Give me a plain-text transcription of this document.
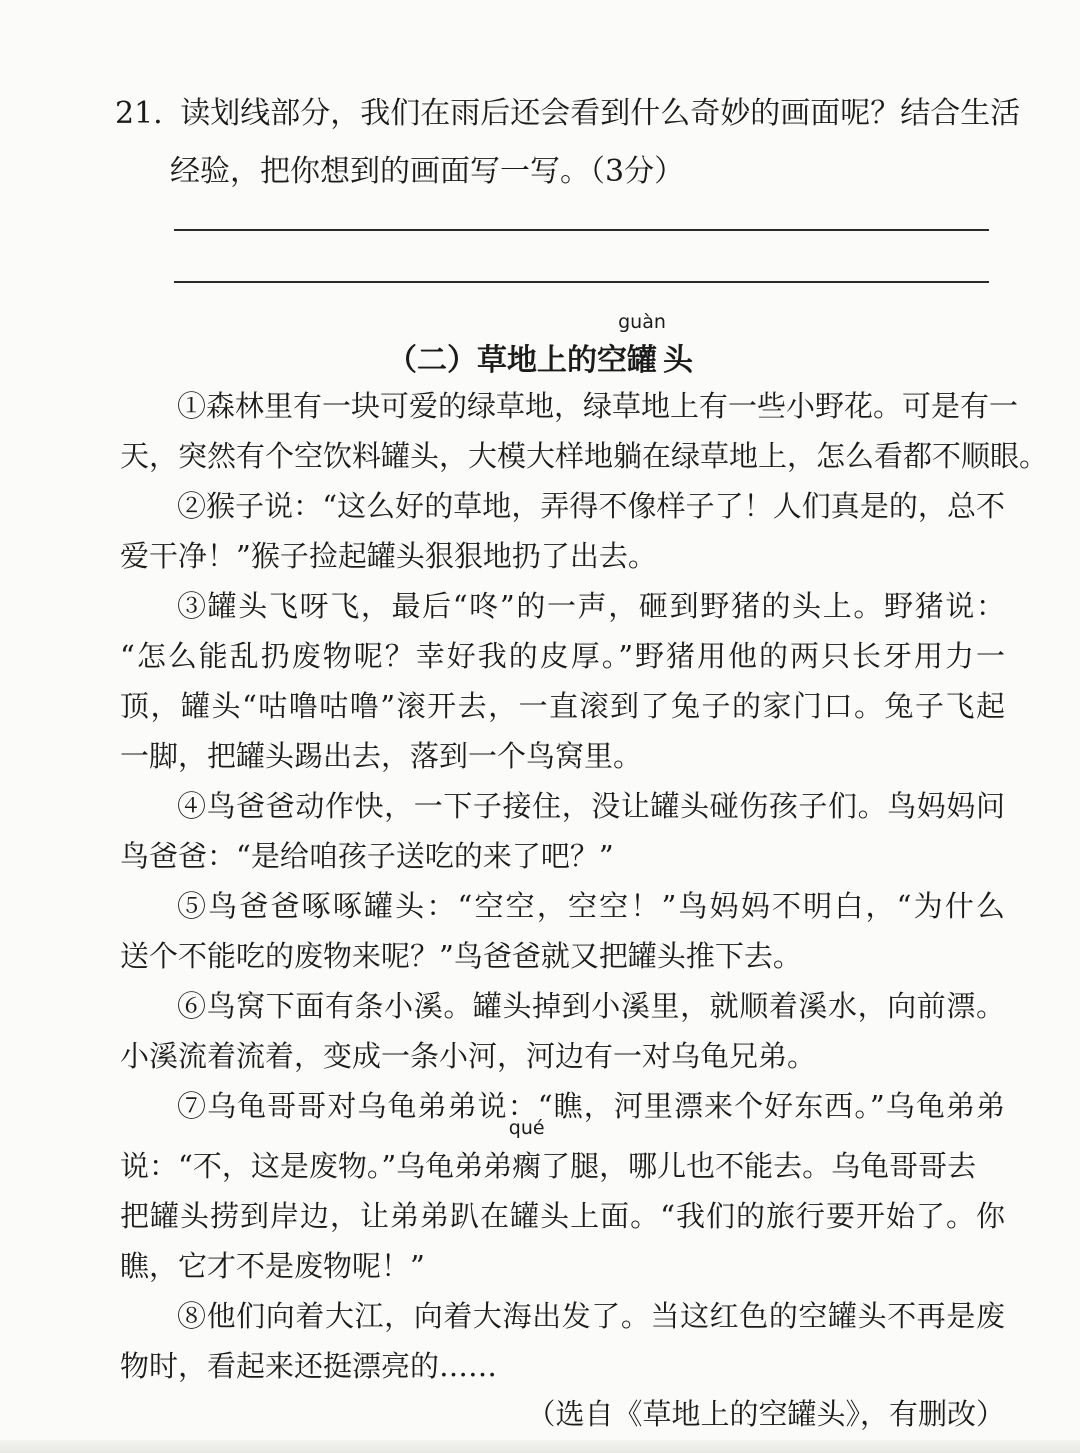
21. 读划线部分，我们在雨后还会看到什么奇妙的画面呢？结合生活
经验，把你想到的画面写一写。（3分）
（二）草地上的空
guàn
罐 头
①森林里有一块可爱的绿草地，绿草地上有一些小野花。可是有一
天，突然有个空饮料罐头，大模大样地躺在绿草地上，怎么看都不顺眼。
②猴子说：“这么好的草地，弄得不像样子了！人们真是的，总不
爱干净！”猴子捡起罐头狠狠地扔了出去。
③罐头飞呀飞，最后“咚”的一声，砸到野猪的头上。野猪说：
“怎么能乱扔废物呢？幸好我的皮厚。”野猪用他的两只长牙用力一
顶，罐头“咕噜咕噜”滚开去，一直滚到了兔子的家门口。兔子飞起
一脚，把罐头踢出去，落到一个鸟窝里。
④鸟爸爸动作快，一下子接住，没让罐头碰伤孩子们。鸟妈妈问
鸟爸爸：“是给咱孩子送吃的来了吧？”
⑤鸟爸爸啄啄罐头：“空空，空空！”鸟妈妈不明白，“为什么
送个不能吃的废物来呢？”鸟爸爸就又把罐头推下去。
⑥鸟窝下面有条小溪。罐头掉到小溪里，就顺着溪水，向前漂。
小溪流着流着，变成一条小河，河边有一对乌龟兄弟。
⑦乌龟哥哥对乌龟弟弟说：“瞧，河里漂来个好东西。”乌龟弟弟
说：“不，这是废物。”乌龟弟弟
qué
瘸了腿，哪儿也不能去。乌龟哥哥去
把罐头捞到岸边，让弟弟趴在罐头上面。“我们的旅行要开始了。你
瞧，它才不是废物呢！”
⑧他们向着大江，向着大海出发了。当这红色的空罐头不再是废
物时，看起来还挺漂亮的……
（选自《草地上的空罐头》，有删改）
